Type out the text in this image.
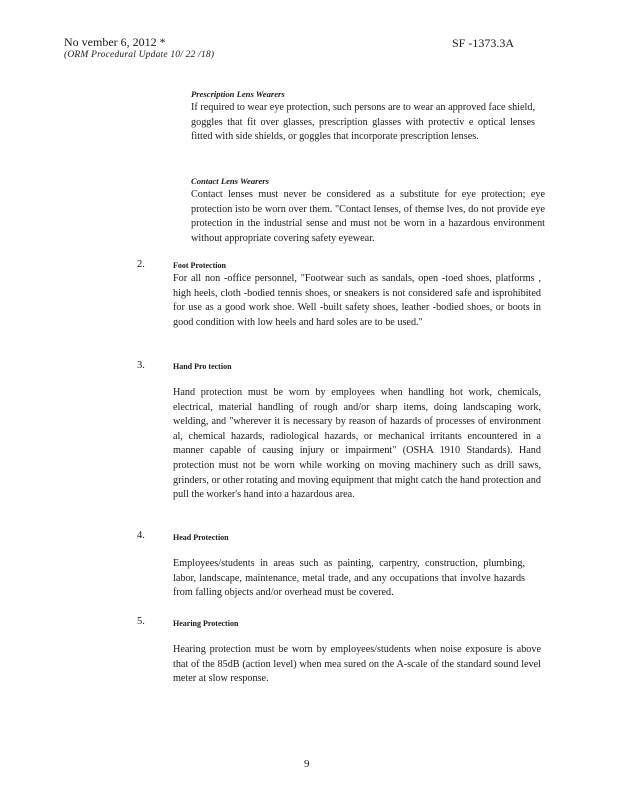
No vember 6, 2012 *
(ORM Procedural Update 10/ 22 /18)
SF -1373.3A
Prescription Lens Wearers

If required to wear eye protection, such persons are to wear an approved face shield, goggles that fit over glasses, prescription glasses with protectiv e optical lenses fitted with side shields, or goggles that incorporate prescription lenses.

Contact Lens Wearers

Contact lenses must never be considered as a substitute for eye protection; eye protection isto be worn over them. "Contact lenses, of themse lves, do not provide eye protection in the industrial sense and must not be worn in a hazardous environment without appropriate covering safety eyewear.

2.	Foot Protection

For all non -office personnel, "Footwear such as sandals, open -toed shoes, platforms , high heels, cloth -bodied tennis shoes, or sneakers is not considered safe and isprohibited for use as a good work shoe. Well -built safety shoes, leather -bodied shoes, or boots in good condition with low heels and hard soles are to be used."

3.	Hand Pro tection
Hand protection must be worn by employees when handling hot work, chemicals, electrical, material handling of rough and/or sharp items, doing landscaping work, welding, and "wherever it is necessary by reason of hazards of processes of environment al, chemical hazards, radiological hazards, or mechanical irritants encountered in a manner capable of causing injury or impairment" (OSHA 1910 Standards). Hand protection must not be worn while working on moving machinery such as drill saws, grinders, or other rotating and moving equipment that might catch the hand protection and pull the worker's hand into a hazardous area.
4.	Head Protection
Employees/students in areas such as painting, carpentry, construction, plumbing, labor, landscape, maintenance, metal trade, and any occupations that involve hazards from falling objects and/or overhead must be covered.
5.	Hearing Protection
Hearing protection must be worn by employees/students when noise exposure is above that of the 85dB (action level) when mea sured on the A-scale of the standard sound level meter at slow response.
9
